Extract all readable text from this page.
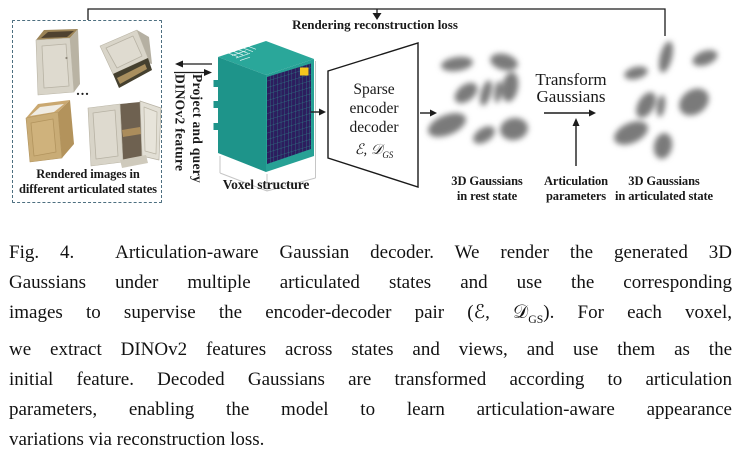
Rendering reconstruction loss
...
Rendered images in
different articulated states
Project and query
DINOv2 feature
Voxel structure
Sparse
encoder
decoder
ℰ, 𝒟$_{GS}$
Transform
Gaussians
3D Gaussians
in rest state
Articulation
parameters
3D Gaussians
in articulated state
Fig. 4.  Articulation-aware Gaussian decoder. We render the generated 3D
Gaussians under multiple articulated states and use the corresponding
images to supervise the encoder-decoder pair (ℰ, 𝒟$_{GS}$). For each voxel,
we extract DINOv2 features across states and views, and use them as the
initial feature. Decoded Gaussians are transformed according to articulation
parameters, enabling the model to learn articulation-aware appearance
variations via reconstruction loss.
